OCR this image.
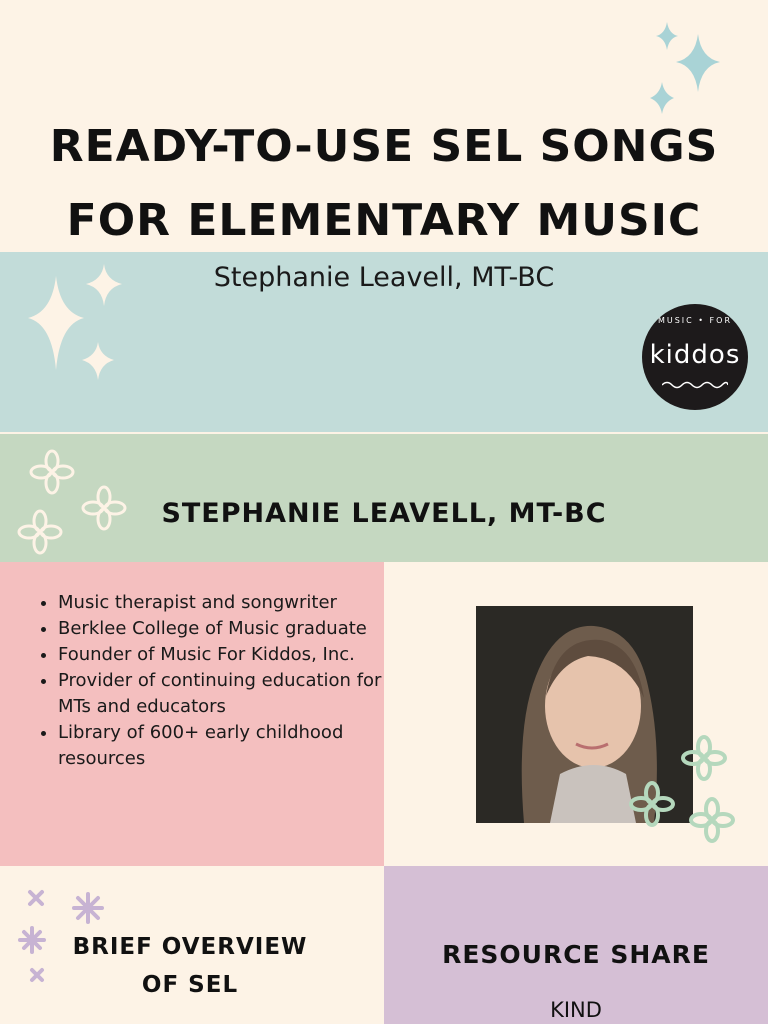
READY-TO-USE SEL SONGS FOR ELEMENTARY MUSIC
Stephanie Leavell, MT-BC
MUSIC • FOR
kiddos
STEPHANIE LEAVELL, MT-BC
• Music therapist and songwriter
• Berklee College of Music graduate
• Founder of Music For Kiddos, Inc.
• Provider of continuing education for MTs and educators
• Library of 600+ early childhood resources
BRIEF OVERVIEW OF SEL
RESOURCE SHARE
KIND
